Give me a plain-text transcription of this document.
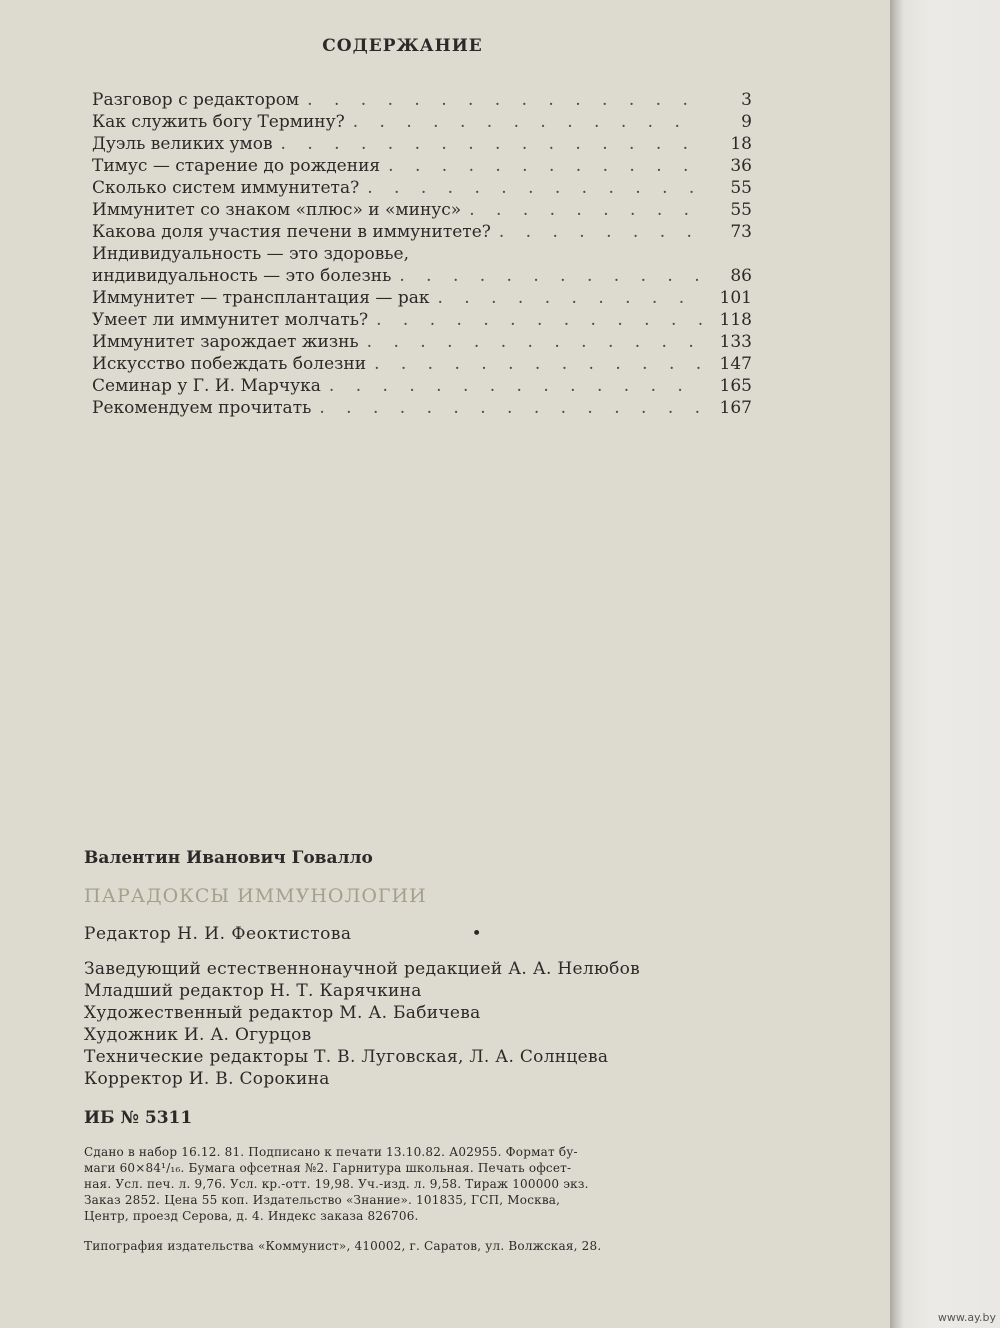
СОДЕРЖАНИЕ
Разговор с редактором . . .	3
Как служить богу Термину? . . .	9
Дуэль великих умов . . .	18
Тимус — старение до рождения . . .	36
Сколько систем иммунитета? . . .	55
Иммунитет со знаком «плюс» и «минус» . . .	55
Какова доля участия печени в иммунитете? . . .	73
Индивидуальность — это здоровье,
индивидуальность — это болезнь . . .	86
Иммунитет — трансплантация — рак . . .	101
Умеет ли иммунитет молчать? . . .	118
Иммунитет зарождает жизнь . . .	133
Искусство побеждать болезни . . .	147
Семинар у Г. И. Марчука . . .	165
Рекомендуем прочитать . . .	167
Валентин Иванович Говалло
ПАРАДОКСЫ ИММУНОЛОГИИ
Редактор Н. И. Феоктистова	•
Заведующий естественнонаучной редакцией А. А. Нелюбов
Младший редактор Н. Т. Карячкина
Художественный редактор М. А. Бабичева
Художник И. А. Огурцов
Технические редакторы Т. В. Луговская, Л. А. Солнцева
Корректор И. В. Сорокина
ИБ № 5311
Сдано в набор 16.12. 81. Подписано к печати 13.10.82. А02955. Формат бу-
маги 60×84¹/₁₆. Бумага офсетная №2. Гарнитура школьная. Печать офсет-
ная. Усл. печ. л. 9,76. Усл. кр.-отт. 19,98. Уч.-изд. л. 9,58. Тираж 100000 экз.
Заказ 2852. Цена 55 коп. Издательство «Знание». 101835, ГСП, Москва,
Центр, проезд Серова, д. 4. Индекс заказа 826706.
Типография издательства «Коммунист», 410002, г. Саратов, ул. Волжская, 28.
www.ay.by
